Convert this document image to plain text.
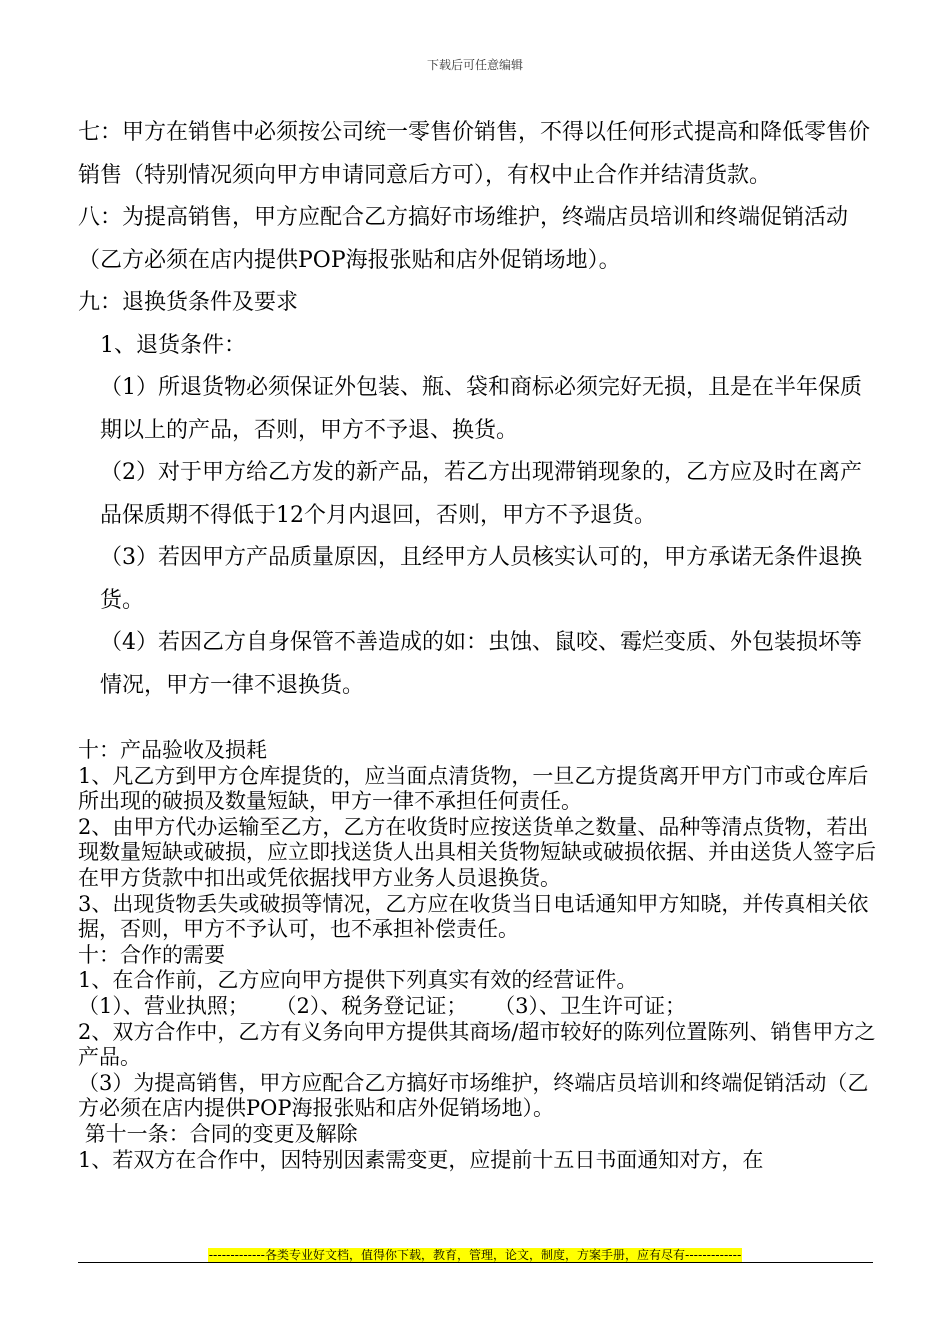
下载后可任意编辑

七：甲方在销售中必须按公司统一零售价销售，不得以任何形式提高和降低零售价销售（特别情况须向甲方申请同意后方可），有权中止合作并结清货款。

八：为提高销售，甲方应配合乙方搞好市场维护，终端店员培训和终端促销活动（乙方必须在店内提供POP海报张贴和店外促销场地）。

九：退换货条件及要求

1、退货条件：

（1）所退货物必须保证外包装、瓶、袋和商标必须完好无损，且是在半年保质期以上的产品，否则，甲方不予退、换货。

（2）对于甲方给乙方发的新产品，若乙方出现滞销现象的，乙方应及时在离产品保质期不得低于12个月内退回，否则，甲方不予退货。

（3）若因甲方产品质量原因，且经甲方人员核实认可的，甲方承诺无条件退换货。

（4）若因乙方自身保管不善造成的如：虫蚀、鼠咬、霉烂变质、外包装损坏等情况，甲方一律不退换货。

十：产品验收及损耗

1、凡乙方到甲方仓库提货的，应当面点清货物，一旦乙方提货离开甲方门市或仓库后所出现的破损及数量短缺，甲方一律不承担任何责任。

2、由甲方代办运输至乙方，乙方在收货时应按送货单之数量、品种等清点货物，若出现数量短缺或破损，应立即找送货人出具相关货物短缺或破损依据、并由送货人签字后在甲方货款中扣出或凭依据找甲方业务人员退换货。

3、出现货物丢失或破损等情况，乙方应在收货当日电话通知甲方知晓，并传真相关依据，否则，甲方不予认可，也不承担补偿责任。

十：合作的需要

1、在合作前，乙方应向甲方提供下列真实有效的经营证件。

（1）、营业执照；    （2）、税务登记证；    （3）、卫生许可证；

2、双方合作中，乙方有义务向甲方提供其商场/超市较好的陈列位置陈列、销售甲方之产品。

（3）为提高销售，甲方应配合乙方搞好市场维护，终端店员培训和终端促销活动（乙方必须在店内提供POP海报张贴和店外促销场地）。

第十一条：合同的变更及解除

1、若双方在合作中，因特别因素需变更，应提前十五日书面通知对方，在

-------------各类专业好文档，值得你下载，教育，管理，论文，制度，方案手册，应有尽有-------------
